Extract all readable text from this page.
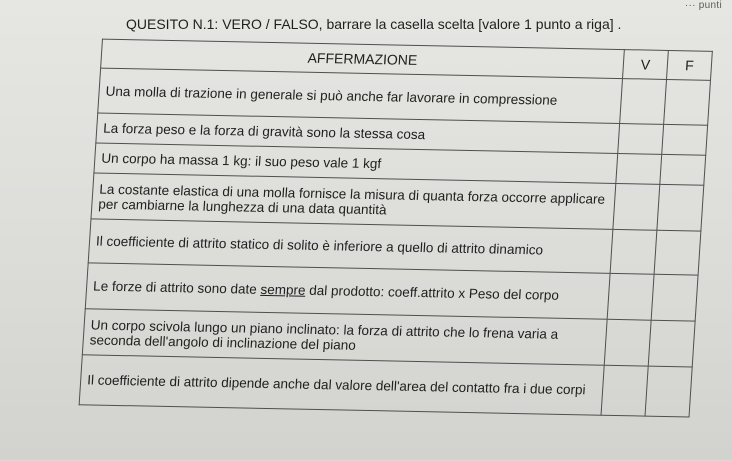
··· punti
QUESITO N.1: VERO / FALSO, barrare la casella scelta [valore 1 punto a riga] .
AFFERMAZIONE	V	F
Una molla di trazione in generale si può anche far lavorare in compressione		
La forza peso e la forza di gravità sono la stessa cosa		
Un corpo ha massa 1 kg: il suo peso vale 1 kgf		
La costante elastica di una molla fornisce la misura di quanta forza occorre applicare per cambiarne la lunghezza di una data quantità		
Il coefficiente di attrito statico di solito è inferiore a quello di attrito dinamico		
Le forze di attrito sono date sempre dal prodotto: coeff.attrito x Peso del corpo		
Un corpo scivola lungo un piano inclinato: la forza di attrito che lo frena varia a seconda dell'angolo di inclinazione del piano		
Il coefficiente di attrito dipende anche dal valore dell'area del contatto fra i due corpi		
